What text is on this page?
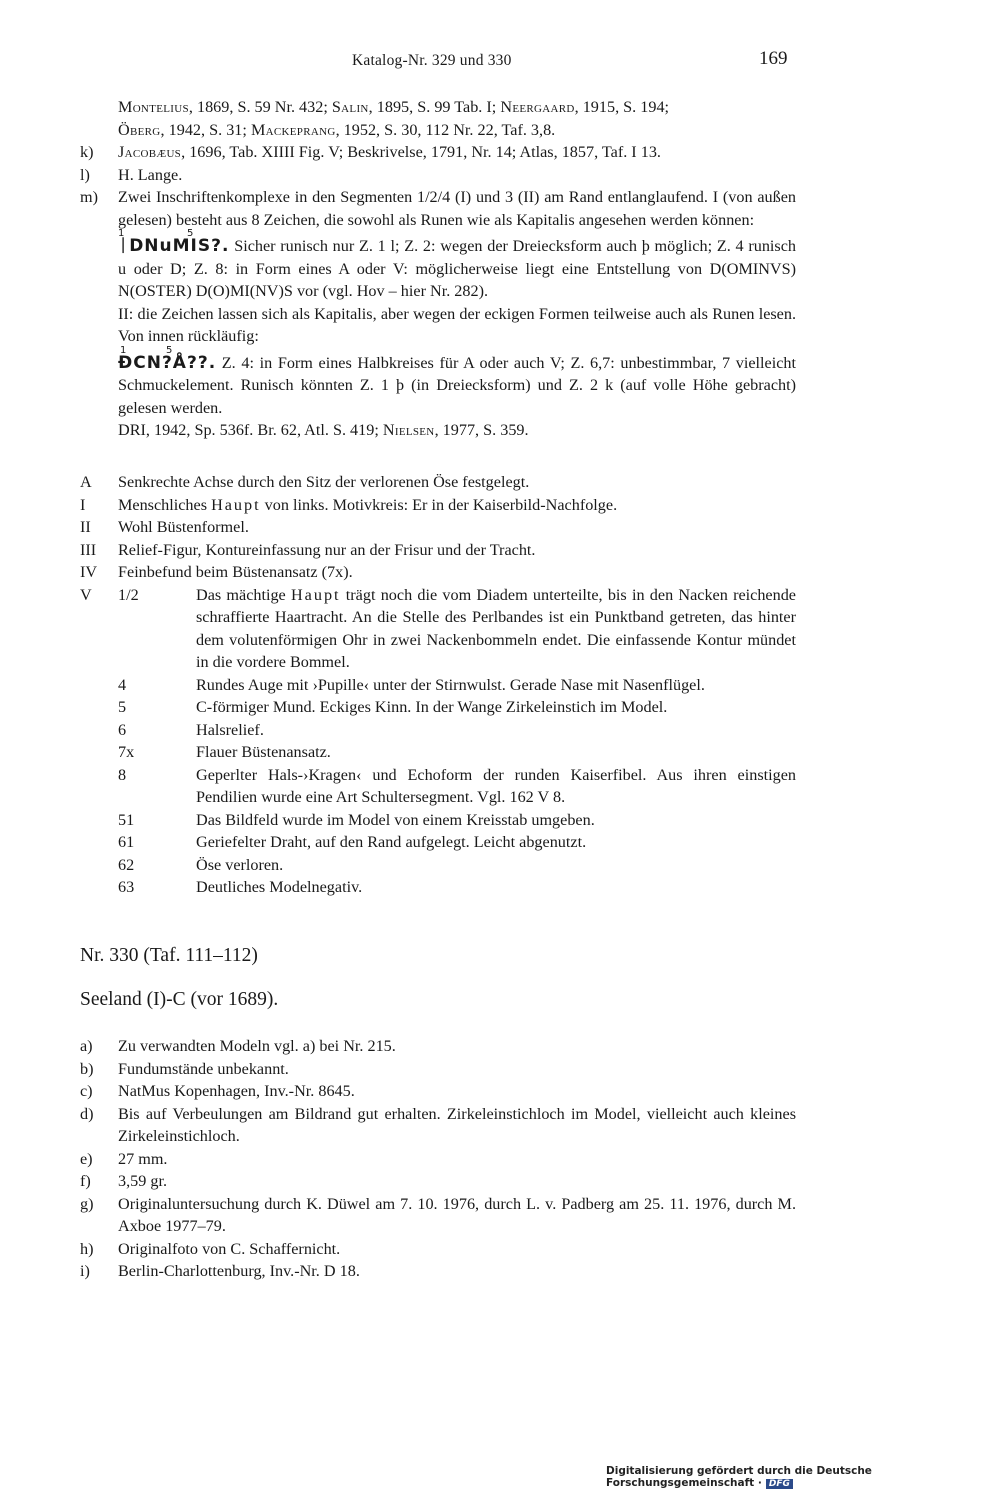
Katalog-Nr. 329 und 330	169
Montelius, 1869, S. 59 Nr. 432; Salin, 1895, S. 99 Tab. I; Neergaard, 1915, S. 194;
Öberg, 1942, S. 31; Mackeprang, 1952, S. 30, 112 Nr. 22, Taf. 3,8.
k) Jacobæus, 1696, Tab. XIIII Fig. V; Beskrivelse, 1791, Nr. 14; Atlas, 1857, Taf. I 13.
l) H. Lange.
m) Zwei Inschriftenkomplexe in den Segmenten 1/2/4 (I) und 3 (II) am Rand entlanglaufend. I (von außen gelesen) besteht aus 8 Zeichen, die sowohl als Runen wie als Kapitalis angesehen werden können:
1	5
ᛁDNuMIS?. Sicher runisch nur Z. 1 l; Z. 2: wegen der Dreiecksform auch þ möglich; Z. 4 runisch u oder D; Z. 8: in Form eines A oder V: möglicherweise liegt eine Entstellung von D(OMINVS) N(OSTER) D(O)MI(NV)S vor (vgl. Hov – hier Nr. 282).
II: die Zeichen lassen sich als Kapitalis, aber wegen der eckigen Formen teilweise auch als Runen lesen. Von innen rückläufig:
1	5
ĐCN?Å??. Z. 4: in Form eines Halbkreises für A oder auch V; Z. 6,7: unbestimmbar, 7 vielleicht Schmuckelement. Runisch könnten Z. 1 þ (in Dreiecksform) und Z. 2 k (auf volle Höhe gebracht) gelesen werden.
DRI, 1942, Sp. 536f. Br. 62, Atl. S. 419; Nielsen, 1977, S. 359.
A Senkrechte Achse durch den Sitz der verlorenen Öse festgelegt.
I Menschliches Haupt von links. Motivkreis: Er in der Kaiserbild-Nachfolge.
II Wohl Büstenformel.
III Relief-Figur, Kontureinfassung nur an der Frisur und der Tracht.
IV Feinbefund beim Büstenansatz (7x).
V 1/2	Das mächtige Haupt trägt noch die vom Diadem unterteilte, bis in den Nacken reichende schraffierte Haartracht. An die Stelle des Perlbandes ist ein Punktband getreten, das hinter dem volutenförmigen Ohr in zwei Nackenbommeln endet. Die einfassende Kontur mündet in die vordere Bommel.
4	Rundes Auge mit ›Pupille‹ unter der Stirnwulst. Gerade Nase mit Nasenflügel.
5	C-förmiger Mund. Eckiges Kinn. In der Wange Zirkeleinstich im Model.
6	Halsrelief.
7x	Flauer Büstenansatz.
8	Geperlter Hals-›Kragen‹ und Echoform der runden Kaiserfibel. Aus ihren einstigen Pendilien wurde eine Art Schultersegment. Vgl. 162 V 8.
51	Das Bildfeld wurde im Model von einem Kreisstab umgeben.
61	Geriefelter Draht, auf den Rand aufgelegt. Leicht abgenutzt.
62	Öse verloren.
63	Deutliches Modelnegativ.
Nr. 330 (Taf. 111–112)
Seeland (I)-C (vor 1689).
a) Zu verwandten Modeln vgl. a) bei Nr. 215.
b) Fundumstände unbekannt.
c) NatMus Kopenhagen, Inv.-Nr. 8645.
d) Bis auf Verbeulungen am Bildrand gut erhalten. Zirkeleinstichloch im Model, vielleicht auch kleines Zirkeleinstichloch.
e) 27 mm.
f) 3,59 gr.
g) Originaluntersuchung durch K. Düwel am 7. 10. 1976, durch L. v. Padberg am 25. 11. 1976, durch M. Axboe 1977–79.
h) Originalfoto von C. Schaffernicht.
i) Berlin-Charlottenburg, Inv.-Nr. D 18.
Digitalisierung gefördert durch die Deutsche Forschungsgemeinschaft · DFG
